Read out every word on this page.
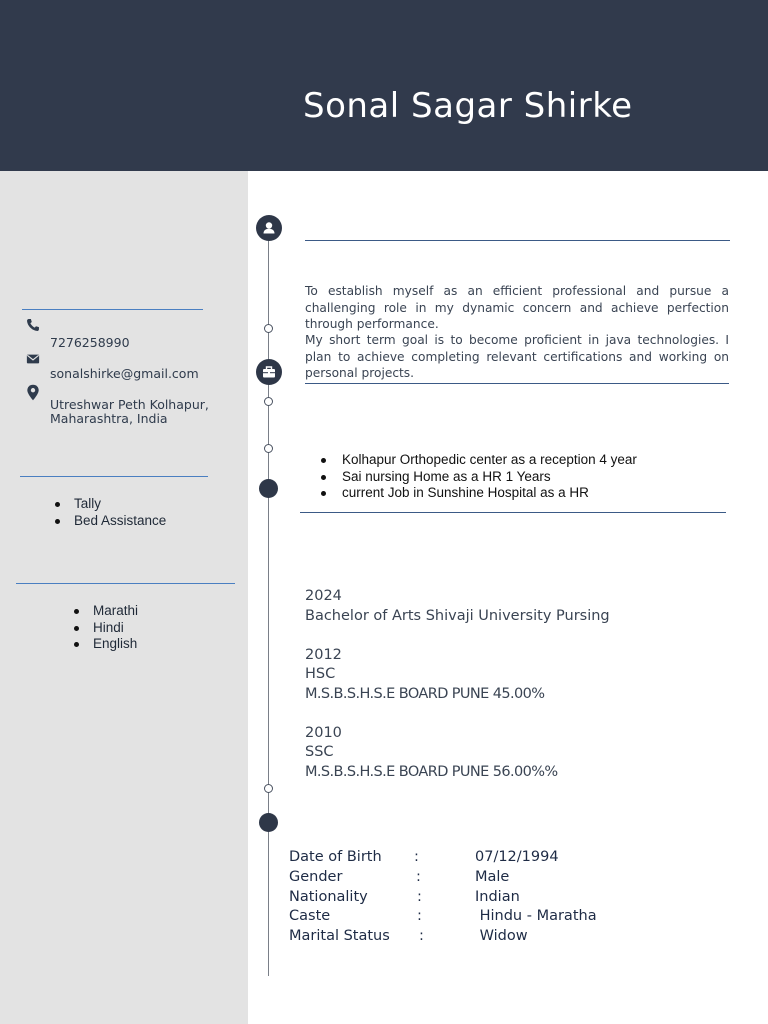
Sonal Sagar Shirke
7276258990
sonalshirke@gmail.com
Utreshwar Peth Kolhapur,
Maharashtra, India
Tally
Bed Assistance
Marathi
Hindi
English

To establish myself as an efficient professional and pursue a challenging role in my dynamic concern and achieve perfection through performance.

My short term goal is to become proficient in java technologies. I plan to achieve completing relevant certifications and working on personal projects.

Kolhapur Orthopedic center as a reception 4 year
Sai nursing Home as a HR 1 Years
current Job in Sunshine Hospital as a HR
2024
Bachelor of Arts Shivaji University Pursing
2012
HSC
M.S.B.S.H.S.E BOARD PUNE 45.00%
2010
SSC
M.S.B.S.H.S.E BOARD PUNE 56.00%%
Date of Birth :	07/12/1994
Gender	:	Male
Nationality	:	Indian
Caste	:	Hindu - Maratha
Marital Status :	Widow
